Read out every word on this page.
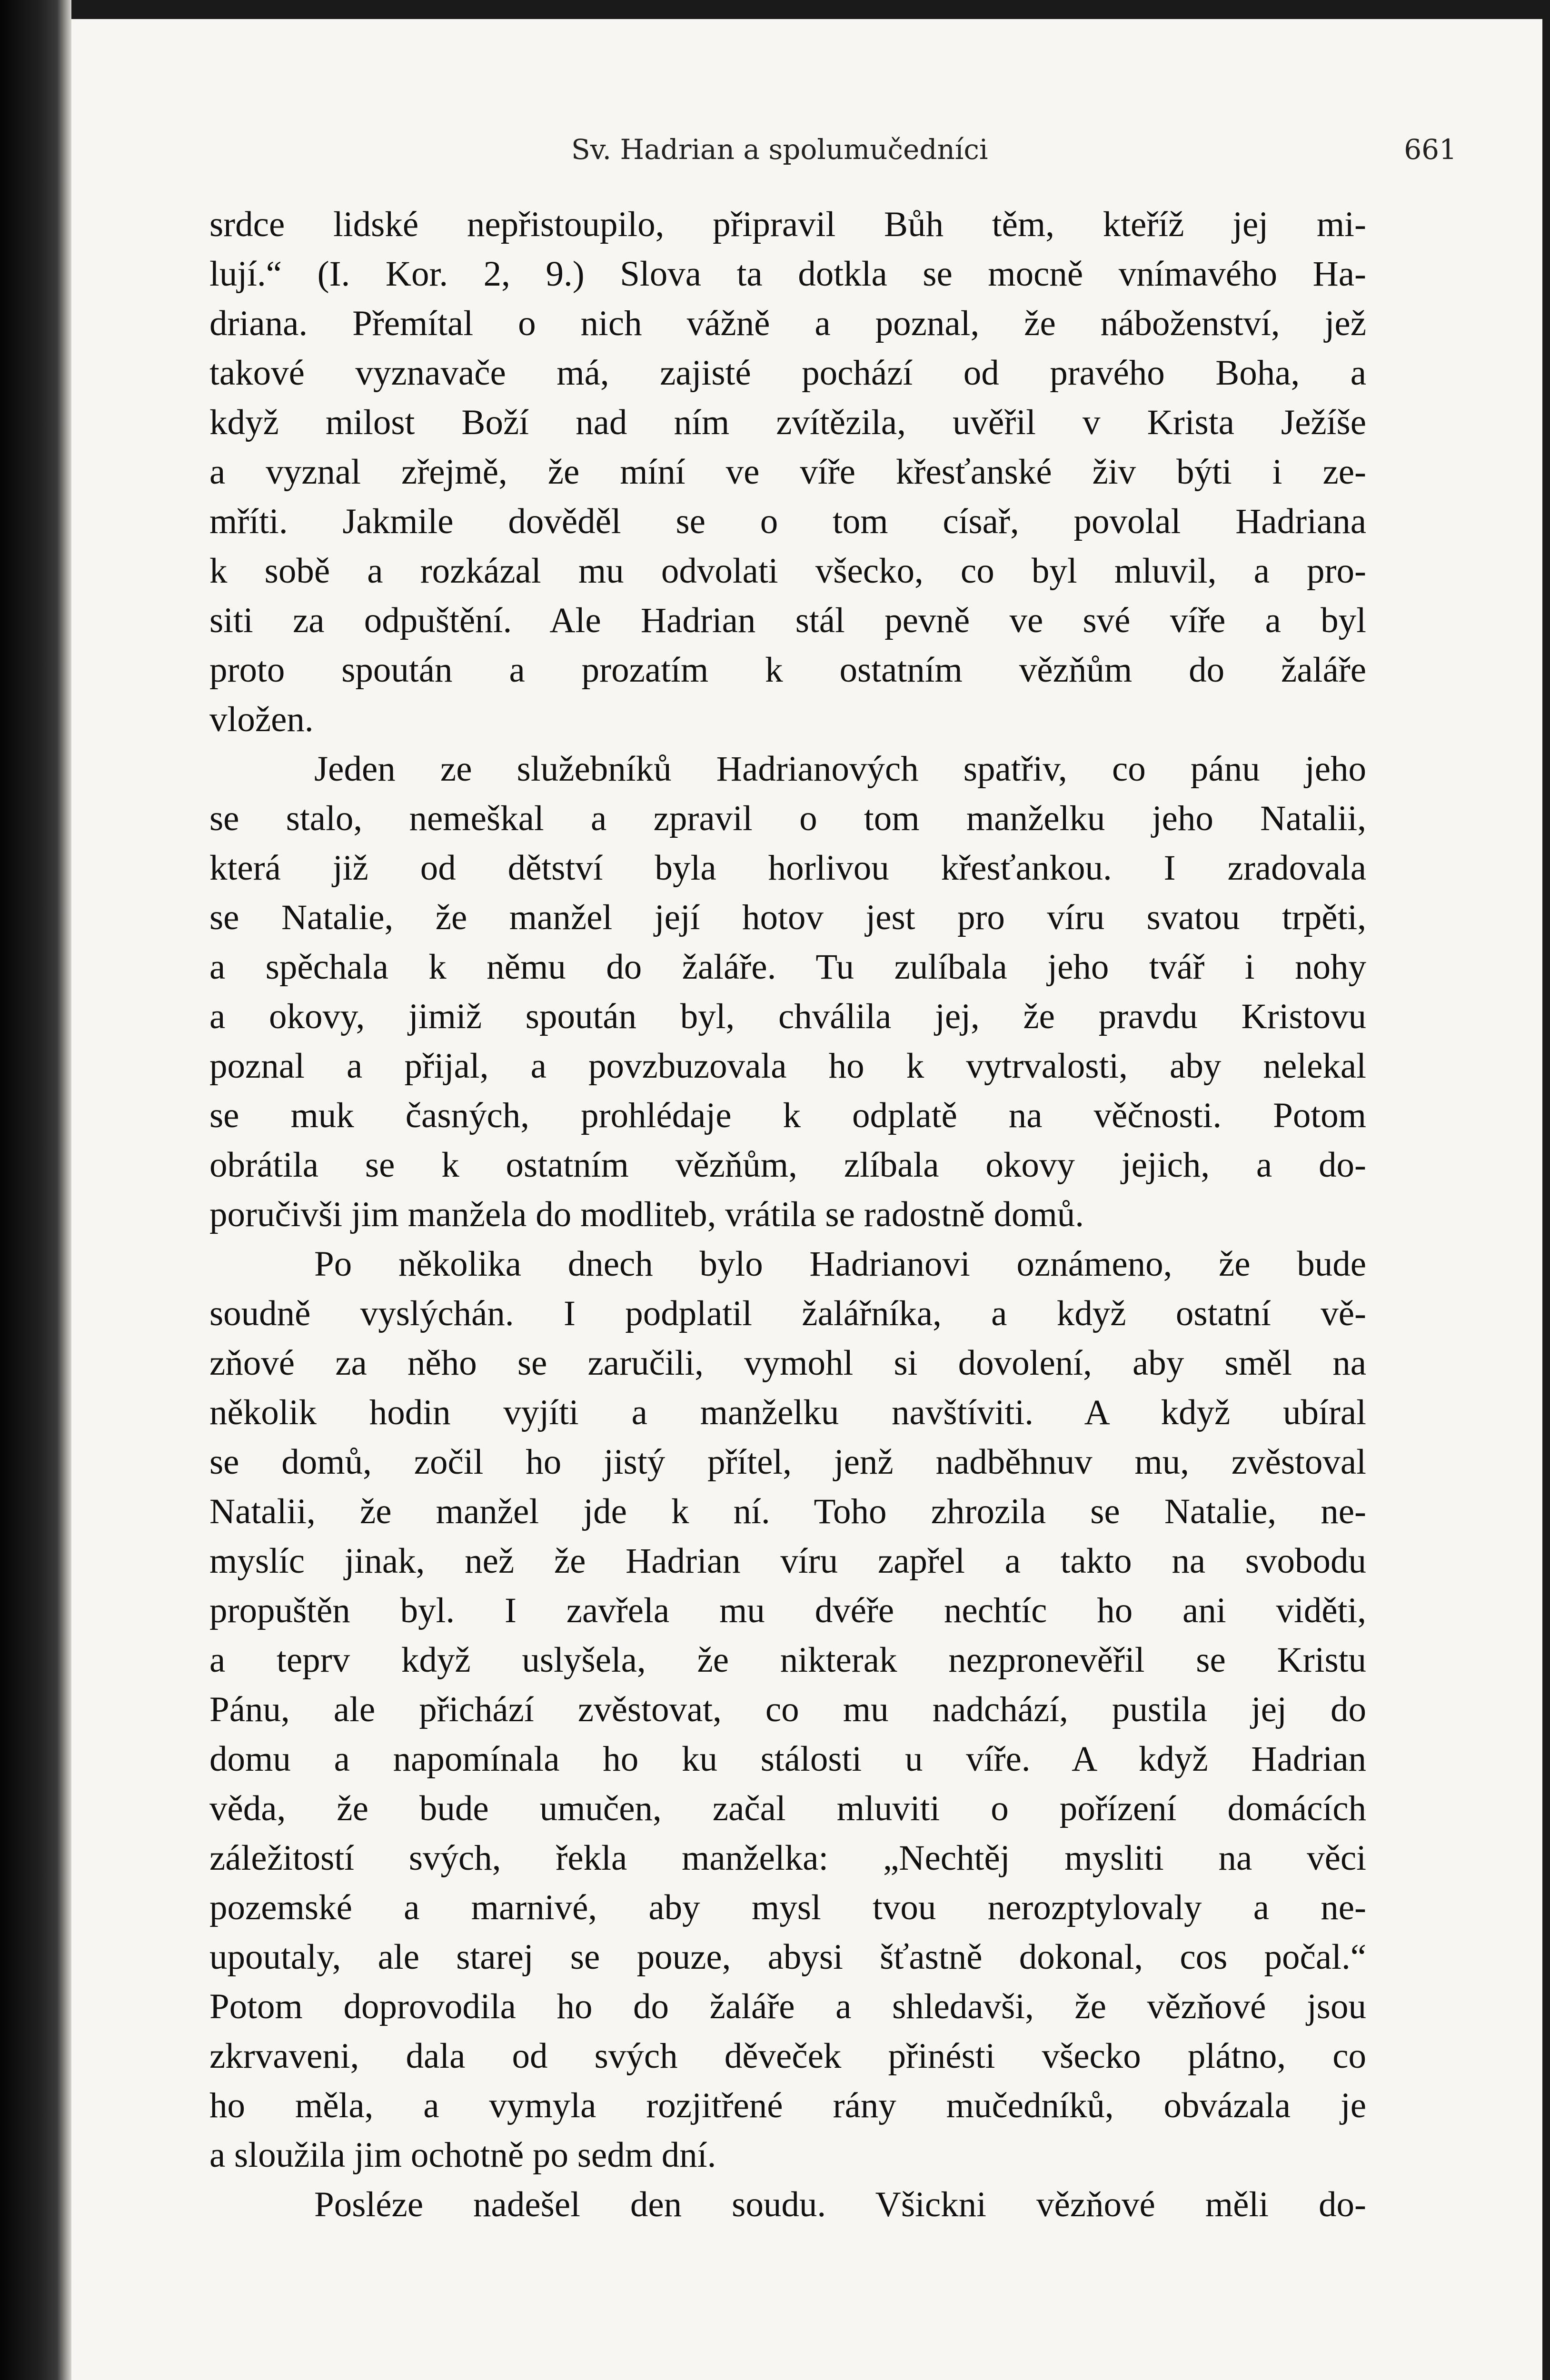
Sv. Hadrian a spolumučedníci	661
srdce lidské nepřistoupilo, připravil Bůh těm, kteříž jej mi-
lují.“ (I. Kor. 2, 9.) Slova ta dotkla se mocně vnímavého Ha-
driana. Přemítal o nich vážně a poznal, že náboženství, jež
takové vyznavače má, zajisté pochází od pravého Boha, a
když milost Boží nad ním zvítězila, uvěřil v Krista Ježíše
a vyznal zřejmě, že míní ve víře křesťanské živ býti i ze-
mříti. Jakmile dověděl se o tom císař, povolal Hadriana
k sobě a rozkázal mu odvolati všecko, co byl mluvil, a pro-
siti za odpuštění. Ale Hadrian stál pevně ve své víře a byl
proto spoután a prozatím k ostatním vězňům do žaláře
vložen.
Jeden ze služebníků Hadrianových spatřiv, co pánu jeho
se stalo, nemeškal a zpravil o tom manželku jeho Natalii,
která již od dětství byla horlivou křesťankou. I zradovala
se Natalie, že manžel její hotov jest pro víru svatou trpěti,
a spěchala k němu do žaláře. Tu zulíbala jeho tvář i nohy
a okovy, jimiž spoután byl, chválila jej, že pravdu Kristovu
poznal a přijal, a povzbuzovala ho k vytrvalosti, aby nelekal
se muk časných, prohlédaje k odplatě na věčnosti. Potom
obrátila se k ostatním vězňům, zlíbala okovy jejich, a do-
poručivši jim manžela do modliteb, vrátila se radostně domů.
Po několika dnech bylo Hadrianovi oznámeno, že bude
soudně vyslýchán. I podplatil žalářníka, a když ostatní vě-
zňové za něho se zaručili, vymohl si dovolení, aby směl na
několik hodin vyjíti a manželku navštíviti. A když ubíral
se domů, zočil ho jistý přítel, jenž nadběhnuv mu, zvěstoval
Natalii, že manžel jde k ní. Toho zhrozila se Natalie, ne-
myslíc jinak, než že Hadrian víru zapřel a takto na svobodu
propuštěn byl. I zavřela mu dvéře nechtíc ho ani viděti,
a teprv když uslyšela, že nikterak nezpronevěřil se Kristu
Pánu, ale přichází zvěstovat, co mu nadchází, pustila jej do
domu a napomínala ho ku stálosti u víře. A když Hadrian
věda, že bude umučen, začal mluviti o pořízení domácích
záležitostí svých, řekla manželka: „Nechtěj mysliti na věci
pozemské a marnivé, aby mysl tvou nerozptylovaly a ne-
upoutaly, ale starej se pouze, abysi šťastně dokonal, cos počal.“
Potom doprovodila ho do žaláře a shledavši, že vězňové jsou
zkrvaveni, dala od svých děveček přinésti všecko plátno, co
ho měla, a vymyla rozjitřené rány mučedníků, obvázala je
a sloužila jim ochotně po sedm dní.
Posléze nadešel den soudu. Všickni vězňové měli do-
